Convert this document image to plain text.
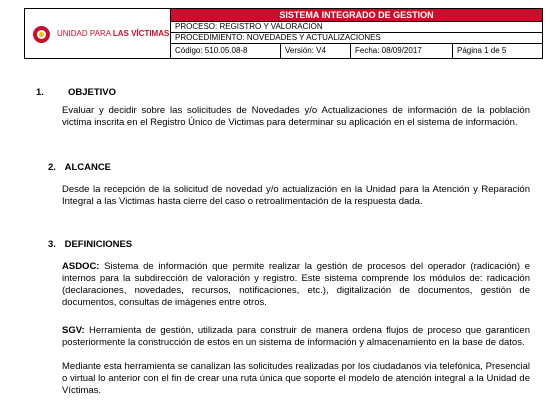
UNIDAD PARA LAS VÍCTIMAS
SISTEMA INTEGRADO DE GESTION
PROCESO: REGISTRO Y VALORACIÓN
PROCEDIMIENTO: NOVEDADES Y ACTUALIZACIONES
Código: 510.05.08-8	Versión: V4	Fecha: 08/09/2017	Página 1 de 5
1.	OBJETIVO

Evaluar y decidir sobre las solicitudes de Novedades y/o Actualizaciones de información de la población victima inscrita en el Registro Único de Victimas para determinar su aplicación en el sistema de información.

2. ALCANCE

Desde la recepción de la solicitud de novedad y/o actualización en la Unidad para la Atención y Reparación Integral a las Victimas hasta cierre del caso o retroalimentación de la respuesta dada.

3. DEFINICIONES

ASDOC: Sistema de información que permite realizar la gestión de procesos del operador (radicación) e internos para la subdirección de valoración y registro. Este sistema comprende los módulos de: radicación (declaraciones, novedades, recursos, notificaciones, etc.), digitalización de documentos, gestión de documentos, consultas de imágenes entre otros.

SGV: Herramienta de gestión, utilizada para construir de manera ordena flujos de proceso que garanticen posteriormente la construcción de estos en un sistema de información y almacenamiento en la base de datos.

Mediante esta herramienta se canalizan las solicitudes realizadas por los ciudadanos vía telefónica, Presencial o virtual lo anterior con el fin de crear una ruta única que soporte el modelo de atención integral a la Unidad de Víctimas.
